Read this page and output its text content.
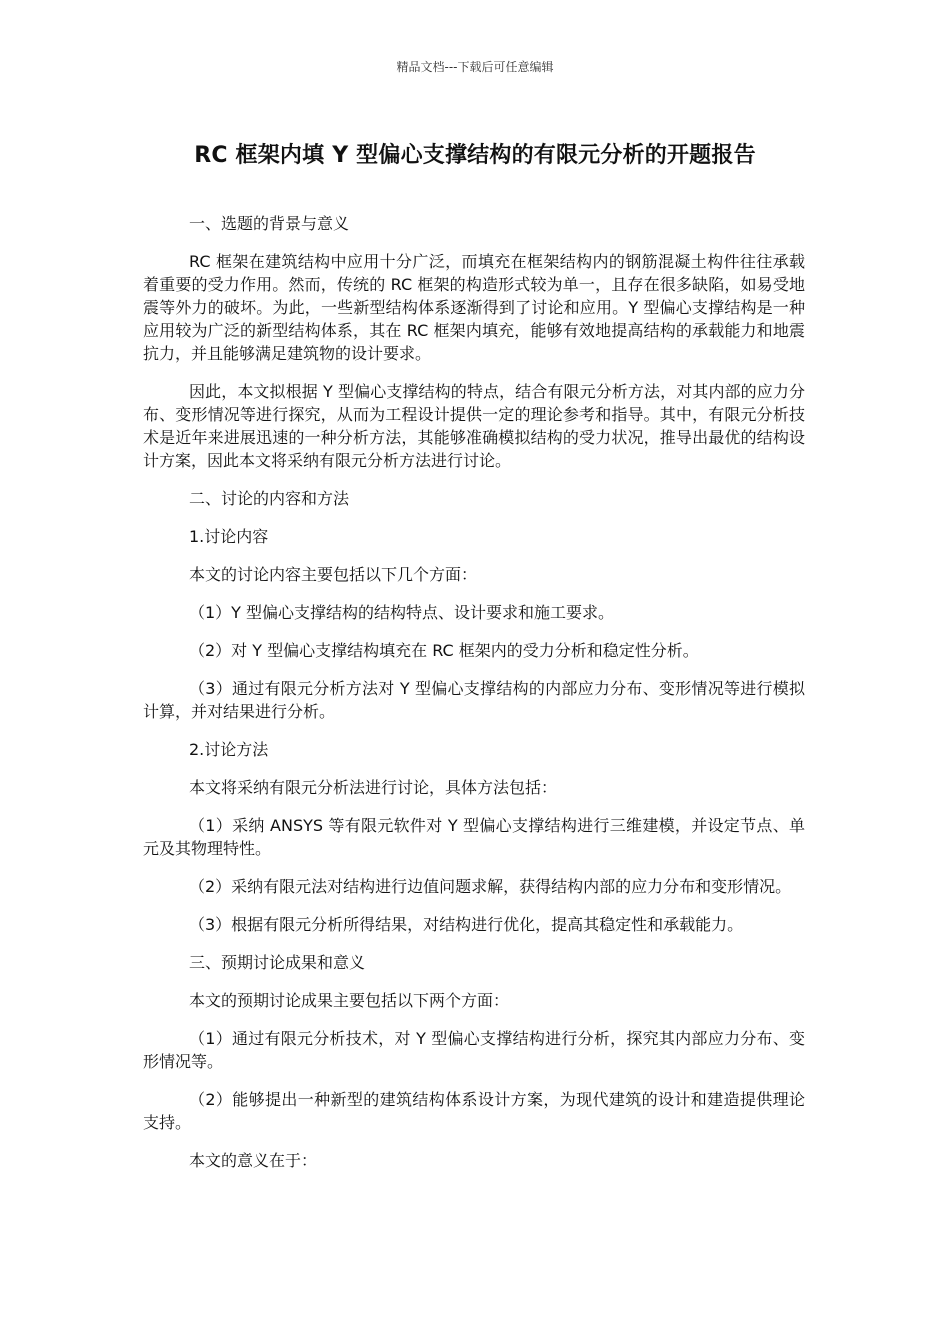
精品文档---下载后可任意编辑
RC 框架内填 Y 型偏心支撑结构的有限元分析的开题报告

一、选题的背景与意义

RC 框架在建筑结构中应用十分广泛，而填充在框架结构内的钢筋混凝土构件往往承载着重要的受力作用。然而，传统的 RC 框架的构造形式较为单一，且存在很多缺陷，如易受地震等外力的破坏。为此，一些新型结构体系逐渐得到了讨论和应用。Y 型偏心支撑结构是一种应用较为广泛的新型结构体系，其在 RC 框架内填充，能够有效地提高结构的承载能力和地震抗力，并且能够满足建筑物的设计要求。

因此，本文拟根据 Y 型偏心支撑结构的特点，结合有限元分析方法，对其内部的应力分布、变形情况等进行探究，从而为工程设计提供一定的理论参考和指导。其中，有限元分析技术是近年来进展迅速的一种分析方法，其能够准确模拟结构的受力状况，推导出最优的结构设计方案，因此本文将采纳有限元分析方法进行讨论。

二、讨论的内容和方法

1.讨论内容

本文的讨论内容主要包括以下几个方面：

（1）Y 型偏心支撑结构的结构特点、设计要求和施工要求。

（2）对 Y 型偏心支撑结构填充在 RC 框架内的受力分析和稳定性分析。

（3）通过有限元分析方法对 Y 型偏心支撑结构的内部应力分布、变形情况等进行模拟计算，并对结果进行分析。

2.讨论方法

本文将采纳有限元分析法进行讨论，具体方法包括：

（1）采纳 ANSYS 等有限元软件对 Y 型偏心支撑结构进行三维建模，并设定节点、单元及其物理特性。

（2）采纳有限元法对结构进行边值问题求解，获得结构内部的应力分布和变形情况。

（3）根据有限元分析所得结果，对结构进行优化，提高其稳定性和承载能力。

三、预期讨论成果和意义

本文的预期讨论成果主要包括以下两个方面：

（1）通过有限元分析技术，对 Y 型偏心支撑结构进行分析，探究其内部应力分布、变形情况等。

（2）能够提出一种新型的建筑结构体系设计方案，为现代建筑的设计和建造提供理论支持。

本文的意义在于：
